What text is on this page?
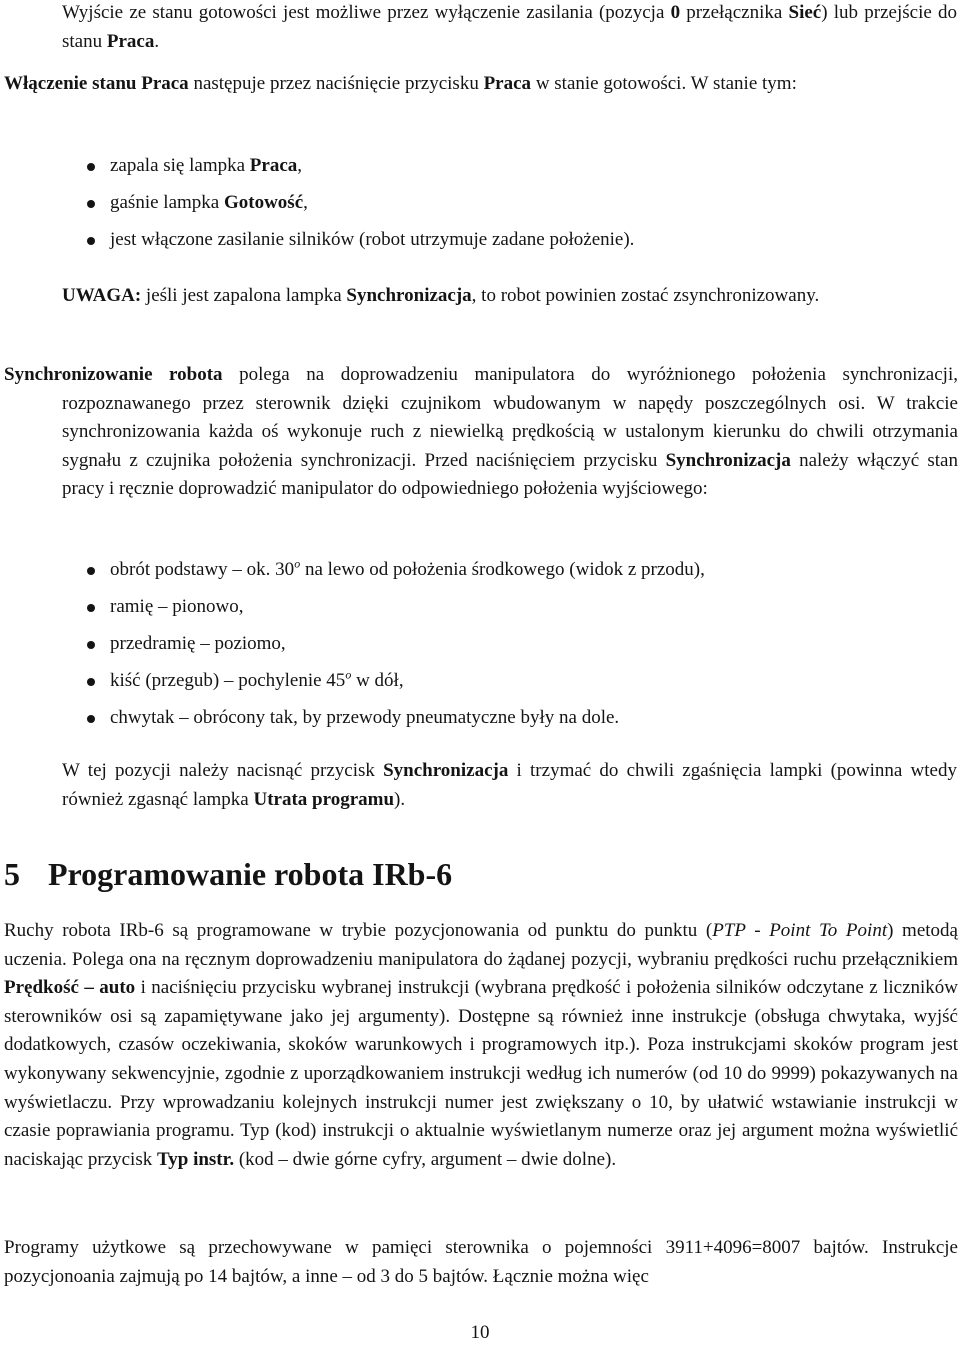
Wyjście ze stanu gotowości jest możliwe przez wyłączenie zasilania (pozycja 0 przełącznika Sieć) lub przejście do stanu Praca.

Włączenie stanu Praca następuje przez naciśnięcie przycisku Praca w stanie gotowości. W stanie tym:

zapala się lampka Praca,
gaśnie lampka Gotowość,
jest włączone zasilanie silników (robot utrzymuje zadane położenie).

UWAGA: jeśli jest zapalona lampka Synchronizacja, to robot powinien zostać zsynchronizowany.

Synchronizowanie robota polega na doprowadzeniu manipulatora do wyróżnionego położenia synchronizacji, rozpoznawanego przez sterownik dzięki czujnikom wbudowanym w napędy poszczególnych osi. W trakcie synchronizowania każda oś wykonuje ruch z niewielką prędkością w ustalonym kierunku do chwili otrzymania sygnału z czujnika położenia synchronizacji. Przed naciśnięciem przycisku Synchronizacja należy włączyć stan pracy i ręcznie doprowadzić manipulator do odpowiedniego położenia wyjściowego:

obrót podstawy – ok. 30$^o$ na lewo od położenia środkowego (widok z przodu),
ramię – pionowo,
przedramię – poziomo,
kiść (przegub) – pochylenie 45$^o$ w dół,
chwytak – obrócony tak, by przewody pneumatyczne były na dole.

W tej pozycji należy nacisnąć przycisk Synchronizacja i trzymać do chwili zgaśnięcia lampki (powinna wtedy również zgasnąć lampka Utrata programu).

5 Programowanie robota IRb-6

Ruchy robota IRb-6 są programowane w trybie pozycjonowania od punktu do punktu (PTP - Point To Point) metodą uczenia. Polega ona na ręcznym doprowadzeniu manipulatora do żądanej pozycji, wybraniu prędkości ruchu przełącznikiem Prędkość – auto i naciśnięciu przycisku wybranej instrukcji (wybrana prędkość i położenia silników odczytane z liczników sterowników osi są zapamiętywane jako jej argumenty). Dostępne są również inne instrukcje (obsługa chwytaka, wyjść dodatkowych, czasów oczekiwania, skoków warunkowych i programowych itp.). Poza instrukcjami skoków program jest wykonywany sekwencyjnie, zgodnie z uporządkowaniem instrukcji według ich numerów (od 10 do 9999) pokazywanych na wyświetlaczu. Przy wprowadzaniu kolejnych instrukcji numer jest zwiększany o 10, by ułatwić wstawianie instrukcji w czasie poprawiania programu. Typ (kod) instrukcji o aktualnie wyświetlanym numerze oraz jej argument można wyświetlić naciskając przycisk Typ instr. (kod – dwie górne cyfry, argument – dwie dolne).

Programy użytkowe są przechowywane w pamięci sterownika o pojemności 3911+4096=8007 bajtów. Instrukcje pozycjonoania zajmują po 14 bajtów, a inne – od 3 do 5 bajtów. Łącznie można więc

10
